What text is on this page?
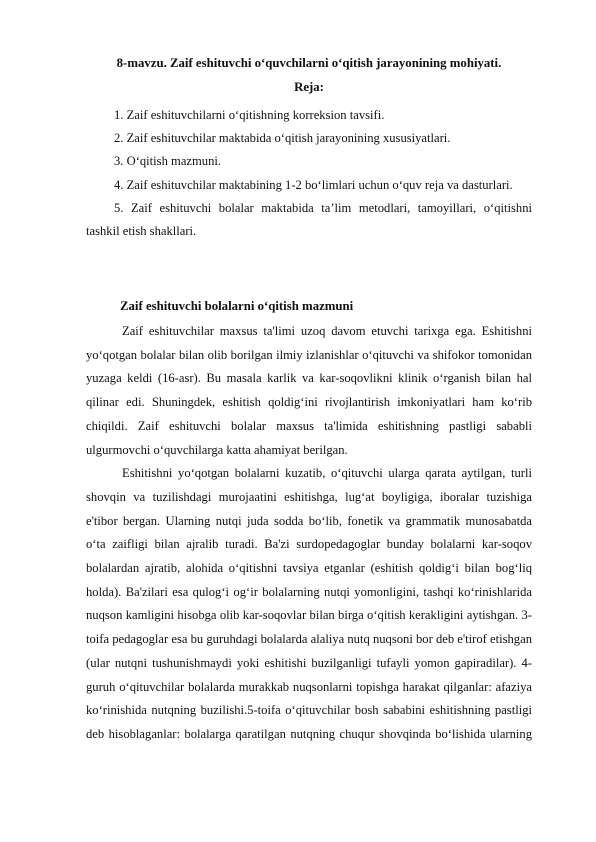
8-mavzu. Zaif eshituvchi o‘quvchilarni o‘qitish jarayonining mohiyati.
Reja:
1. Zaif eshituvchilarni o‘qitishning korreksion tavsifi.
2. Zaif eshituvchilar maktabida o‘qitish jarayonining xususiyatlari.
3. O‘qitish mazmuni.
4. Zaif eshituvchilar maktabining 1-2 bo‘limlari uchun o‘quv reja va dasturlari.
5. Zaif eshituvchi bolalar maktabida ta’lim metodlari, tamoyillari, o‘qitishni tashkil etish shakllari.
Zaif eshituvchi bolalarni o‘qitish mazmuni

Zaif eshituvchilar maxsus ta'limi uzoq davom etuvchi tarixga ega. Eshitishni yo‘qotgan bolalar bilan olib borilgan ilmiy izlanishlar o‘qituvchi va shifokor tomonidan yuzaga keldi (16-asr). Bu masala karlik va kar-soqovlikni klinik o‘rganish bilan hal qilinar edi. Shuningdek, eshitish qoldig‘ini rivojlantirish imkoniyatlari ham ko‘rib chiqildi. Zaif eshituvchi bolalar maxsus ta'limida eshitishning pastligi sababli ulgurmovchi o‘quvchilarga katta ahamiyat berilgan.

Eshitishni yo‘qotgan bolalarni kuzatib, o‘qituvchi ularga qarata aytilgan, turli shovqin va tuzilishdagi murojaatini eshitishga, lug‘at boyligiga, iboralar tuzishiga e'tibor bergan. Ularning nutqi juda sodda bo‘lib, fonetik va grammatik munosabatda o‘ta zaifligi bilan ajralib turadi. Ba'zi surdopedagoglar bunday bolalarni kar-soqov bolalardan ajratib, alohida o‘qitishni tavsiya etganlar (eshitish qoldig‘i bilan bog‘liq holda). Ba'zilari esa qulog‘i og‘ir bolalarning nutqi yomonligini, tashqi ko‘rinishlarida nuqson kamligini hisobga olib kar-soqovlar bilan birga o‘qitish kerakligini aytishgan. 3-toifa pedagoglar esa bu guruhdagi bolalarda alaliya nutq nuqsoni bor deb e'tirof etishgan (ular nutqni tushunishmaydi yoki eshitishi buzilganligi tufayli yomon gapiradilar). 4-guruh o‘qituvchilar bolalarda murakkab nuqsonlarni topishga harakat qilganlar: afaziya ko‘rinishida nutqning buzilishi.5-toifa o‘qituvchilar bosh sababini eshitishning pastligi deb hisoblaganlar: bolalarga qaratilgan nutqning chuqur shovqinda bo‘lishida ularning
